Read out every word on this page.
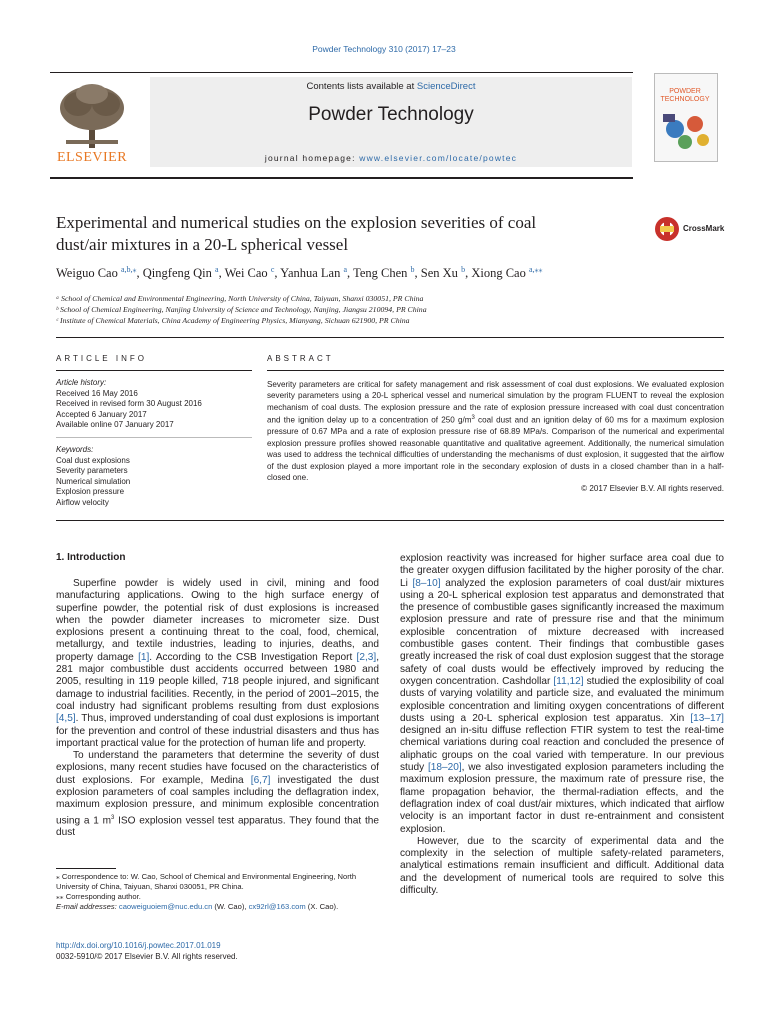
Powder Technology 310 (2017) 17–23
ELSEVIER
Contents lists available at ScienceDirect
Powder Technology
journal homepage: www.elsevier.com/locate/powtec
POWDER
TECHNOLOGY
Experimental and numerical studies on the explosion severities of coal
dust/air mixtures in a 20-L spherical vessel
CrossMark
Weiguo Cao $^{a,b,⁎}$, Qingfeng Qin $^a$, Wei Cao $^c$, Yanhua Lan $^a$, Teng Chen $^b$, Sen Xu $^b$, Xiong Cao $^{a,⁎⁎}$
ᵃ School of Chemical and Environmental Engineering, North University of China, Taiyuan, Shanxi 030051, PR China
ᵇ School of Chemical Engineering, Nanjing University of Science and Technology, Nanjing, Jiangsu 210094, PR China
ᶜ Institute of Chemical Materials, China Academy of Engineering Physics, Mianyang, Sichuan 621900, PR China
ARTICLE INFO
Article history:
Received 16 May 2016
Received in revised form 30 August 2016
Accepted 6 January 2017
Available online 07 January 2017
Keywords:
Coal dust explosions
Severity parameters
Numerical simulation
Explosion pressure
Airflow velocity
ABSTRACT
Severity parameters are critical for safety management and risk assessment of coal dust explosions. We evaluated explosion severity parameters using a 20-L spherical vessel and numerical simulation by the program FLUENT to reveal the explosion mechanism of coal dusts. The explosion pressure and the rate of explosion pressure increased with coal dust concentration and the ignition delay up to a concentration of 250 $g/m^3$ coal dust and an ignition delay of 60 ms for a maximum explosion pressure of 0.67 MPa and a rate of explosion pressure rise of 68.89 MPa/s. Comparison of the numerical and experimental explosion pressure profiles showed reasonable quantitative and qualitative agreement. Additionally, the numerical simulation was used to address the technical difficulties of understanding the mechanisms of dust explosion, it suggested that the airflow of the dust explosion played a more important role in the secondary explosion of dusts in a closed chamber than in a half-closed one.
© 2017 Elsevier B.V. All rights reserved.
1. Introduction

Superfine powder is widely used in civil, mining and food manufacturing applications. Owing to the high surface energy of superfine powder, the potential risk of dust explosions is increased when the powder diameter increases to micrometer size. Dust explosions present a continuing threat to the coal, food, chemical, metallurgy, and textile industries, leading to injuries, deaths, and property damage [1]. According to the CSB Investigation Report [2,3], 281 major combustible dust accidents occurred between 1980 and 2005, resulting in 119 people killed, 718 people injured, and significant damage to industrial facilities. Recently, in the period of 2001–2015, the coal industry had significant problems resulting from dust explosions [4,5]. Thus, improved understanding of coal dust explosions is important for the prevention and control of these industrial disasters and thus has important practical value for the protection of human life and property.

To understand the parameters that determine the severity of dust explosions, many recent studies have focused on the characteristics of dust explosions. For example, Medina [6,7] investigated the dust explosion parameters of coal samples including the deflagration index, maximum explosion pressure, and minimum explosible concentration using a 1 $m^3$ ISO explosion vessel test apparatus. They found that the dust

explosion reactivity was increased for higher surface area coal due to the greater oxygen diffusion facilitated by the higher porosity of the char. Li [8–10] analyzed the explosion parameters of coal dust/air mixtures using a 20-L spherical explosion test apparatus and demonstrated that the presence of combustible gases significantly increased the maximum explosion pressure and rate of pressure rise and that the minimum explosible concentration of mixture decreased with increased combustible gases content. Their findings that combustible gases greatly increased the risk of coal dust explosion suggest that the storage safety of coal dusts would be effectively improved by reducing the oxygen concentration. Cashdollar [11,12] studied the explosibility of coal dusts of varying volatility and particle size, and evaluated the minimum explosible concentration and limiting oxygen concentrations of different dusts using a 20-L spherical explosion test apparatus. Xin [13–17] designed an in-situ diffuse reflection FTIR system to test the real-time chemical variations during coal reaction and concluded the presence of aliphatic groups on the coal varied with temperature. In our previous study [18–20], we also investigated explosion parameters including the maximum explosion pressure, the maximum rate of pressure rise, the flame propagation behavior, the thermal-radiation effects, and the deflagration index of coal dust/air mixtures, which indicated that airflow velocity is an important factor in dust re-entrainment and consistent explosion.

However, due to the scarcity of experimental data and the complexity in the selection of multiple safety-related parameters, analytical estimations remain insufficient and difficult. Additional data and the development of numerical tools are required to solve this difficulty.

⁎ Correspondence to: W. Cao, School of Chemical and Environmental Engineering, North University of China, Taiyuan, Shanxi 030051, PR China.
⁎⁎ Corresponding author.
E-mail addresses: caoweiguoiem@nuc.edu.cn (W. Cao), cx92rl@163.com (X. Cao).
http://dx.doi.org/10.1016/j.powtec.2017.01.019
0032-5910/© 2017 Elsevier B.V. All rights reserved.
